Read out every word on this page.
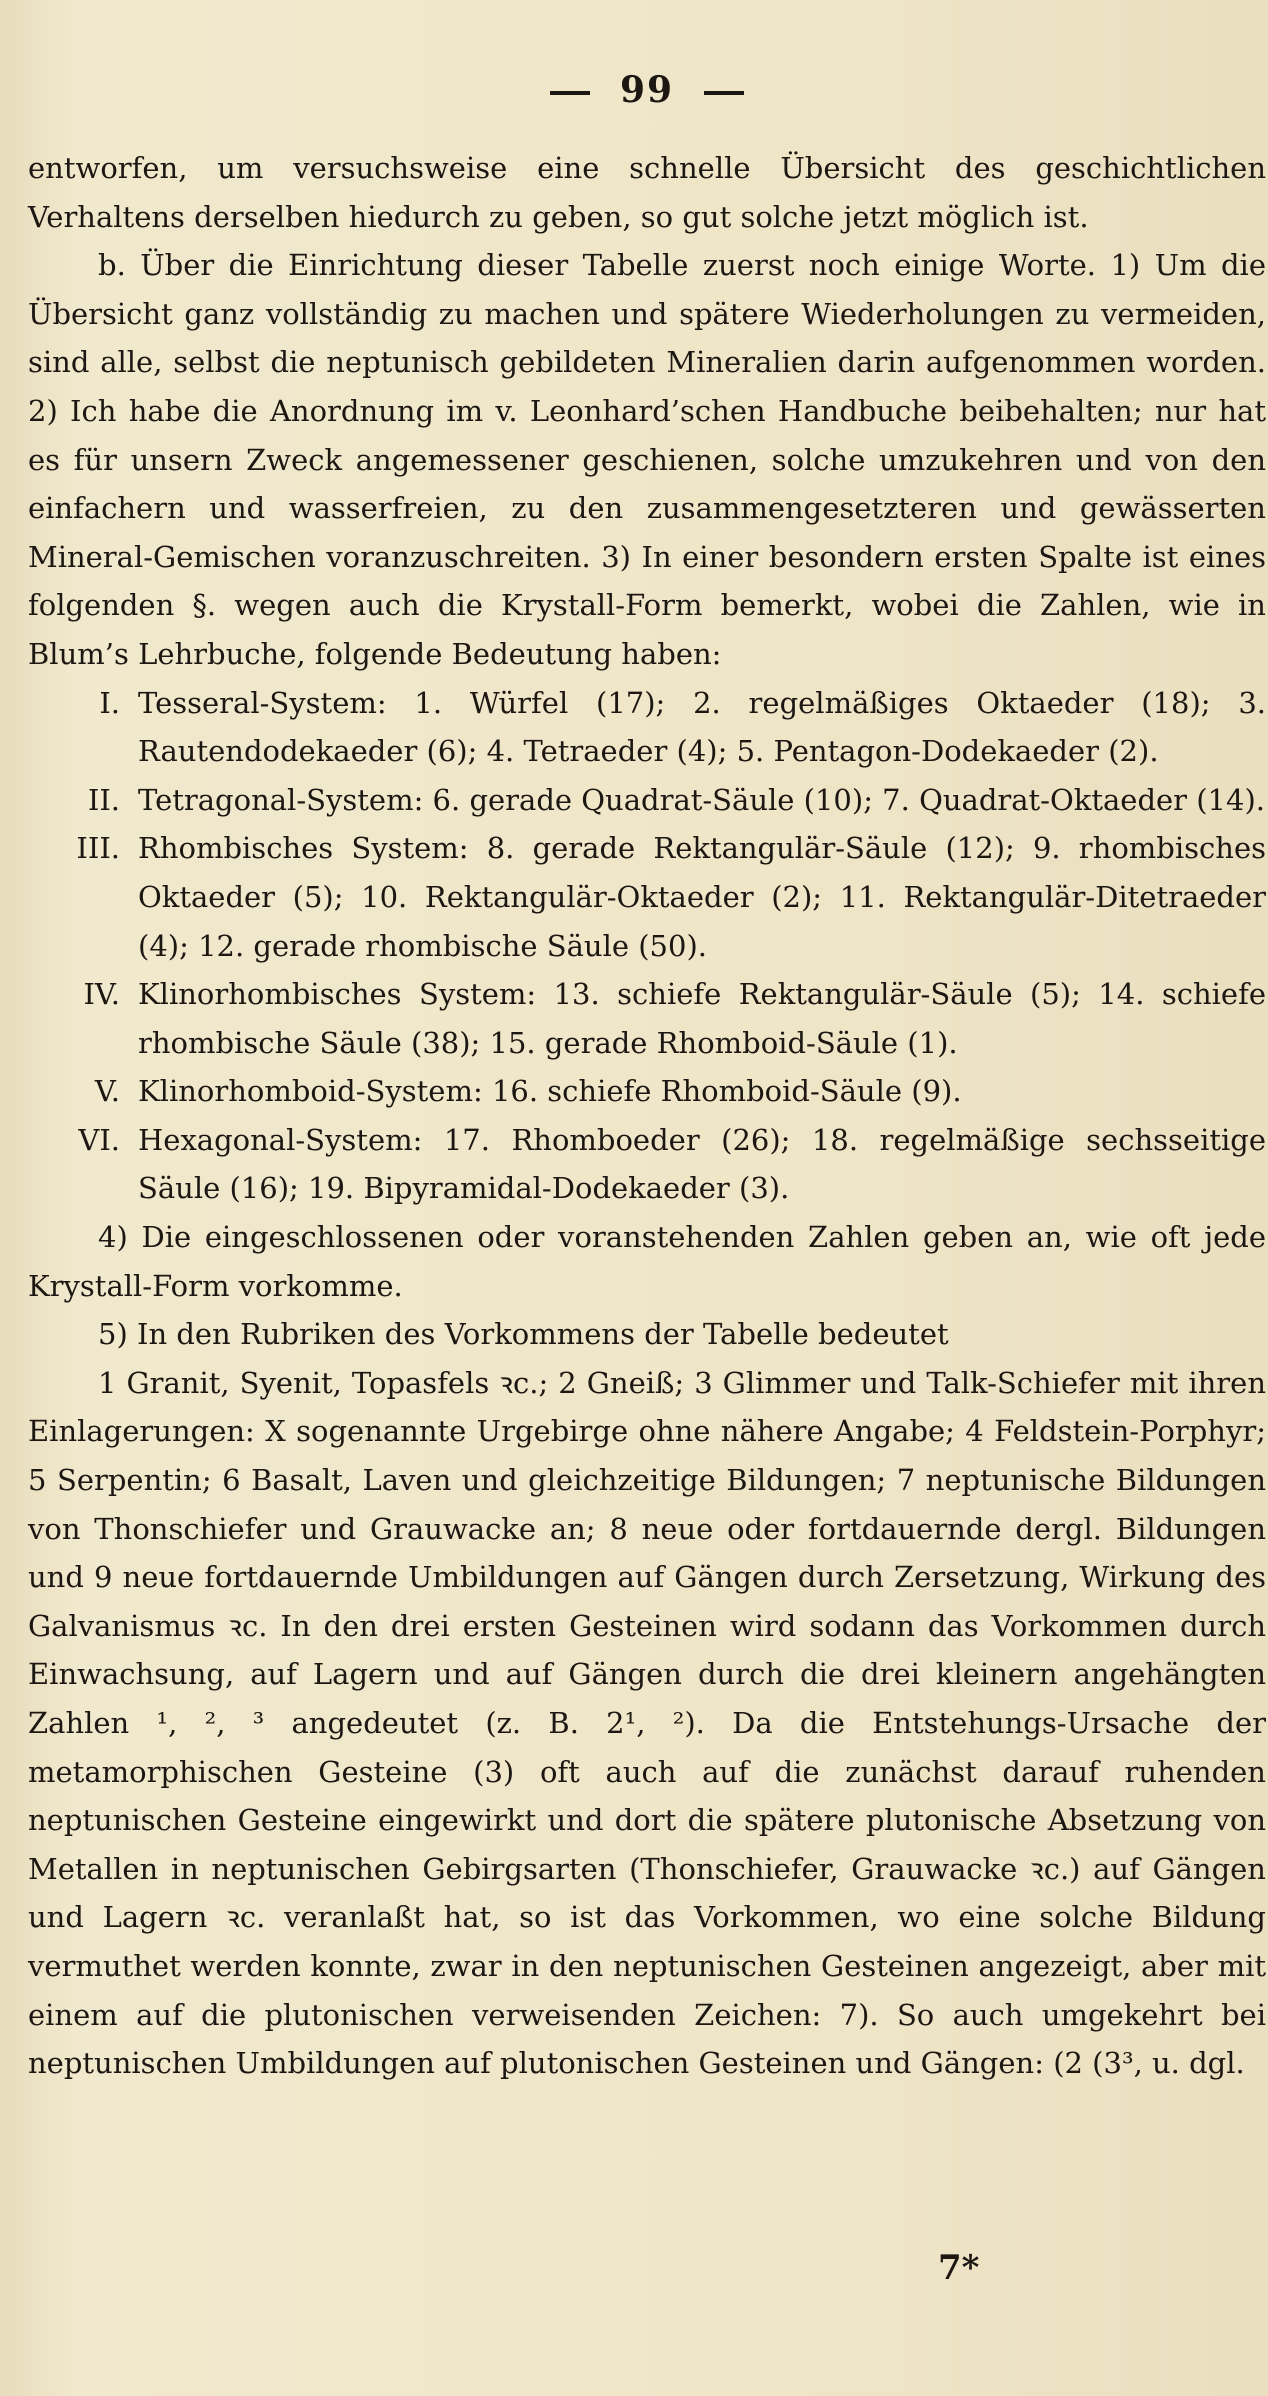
99

entworfen, um versuchsweise eine schnelle Übersicht des geschichtlichen Verhaltens derselben hiedurch zu geben, so gut solche jetzt möglich ist.

b. Über die Einrichtung dieser Tabelle zuerst noch einige Worte. 1) Um die Übersicht ganz vollständig zu machen und spätere Wiederholungen zu vermeiden, sind alle, selbst die neptunisch gebildeten Mineralien darin aufgenommen worden. 2) Ich habe die Anordnung im v. Leonhard’schen Handbuche beibehalten; nur hat es für unsern Zweck angemessener geschienen, solche umzukehren und von den einfachern und wasserfreien, zu den zusammengesetzteren und gewässerten Mineral-Gemischen voranzuschreiten. 3) In einer besondern ersten Spalte ist eines folgenden §. wegen auch die Krystall-Form bemerkt, wobei die Zahlen, wie in Blum’s Lehrbuche, folgende Bedeutung haben:

I. Tesseral-System: 1. Würfel (17); 2. regelmäßiges Oktaeder (18); 3. Rautendodekaeder (6); 4. Tetraeder (4); 5. Pentagon-Dodekaeder (2).
II. Tetragonal-System: 6. gerade Quadrat-Säule (10); 7. Quadrat-Oktaeder (14).
III. Rhombisches System: 8. gerade Rektangulär-Säule (12); 9. rhombisches Oktaeder (5); 10. Rektangulär-Oktaeder (2); 11. Rektangulär-Ditetraeder (4); 12. gerade rhombische Säule (50).
IV. Klinorhombisches System: 13. schiefe Rektangulär-Säule (5); 14. schiefe rhombische Säule (38); 15. gerade Rhomboid-Säule (1).
V. Klinorhomboid-System: 16. schiefe Rhomboid-Säule (9).
VI. Hexagonal-System: 17. Rhomboeder (26); 18. regelmäßige sechsseitige Säule (16); 19. Bipyramidal-Dodekaeder (3).

4) Die eingeschlossenen oder voranstehenden Zahlen geben an, wie oft jede Krystall-Form vorkomme.

5) In den Rubriken des Vorkommens der Tabelle bedeutet

1 Granit, Syenit, Topasfels ꝛc.; 2 Gneiß; 3 Glimmer und Talk-Schiefer mit ihren Einlagerungen: X sogenannte Urgebirge ohne nähere Angabe; 4 Feldstein-Porphyr; 5 Serpentin; 6 Basalt, Laven und gleichzeitige Bildungen; 7 neptunische Bildungen von Thonschiefer und Grauwacke an; 8 neue oder fortdauernde dergl. Bildungen und 9 neue fortdauernde Umbildungen auf Gängen durch Zersetzung, Wirkung des Galvanismus ꝛc. In den drei ersten Gesteinen wird sodann das Vorkommen durch Einwachsung, auf Lagern und auf Gängen durch die drei kleinern angehängten Zahlen ¹, ², ³ angedeutet (z. B. 2¹, ²). Da die Entstehungs-Ursache der metamorphischen Gesteine (3) oft auch auf die zunächst darauf ruhenden neptunischen Gesteine eingewirkt und dort die spätere plutonische Absetzung von Metallen in neptunischen Gebirgsarten (Thonschiefer, Grauwacke ꝛc.) auf Gängen und Lagern ꝛc. veranlaßt hat, so ist das Vorkommen, wo eine solche Bildung vermuthet werden konnte, zwar in den neptunischen Gesteinen angezeigt, aber mit einem auf die plutonischen verweisenden Zeichen: 7). So auch umgekehrt bei neptunischen Umbildungen auf plutonischen Gesteinen und Gängen: (2 (3³, u. dgl.

7*
